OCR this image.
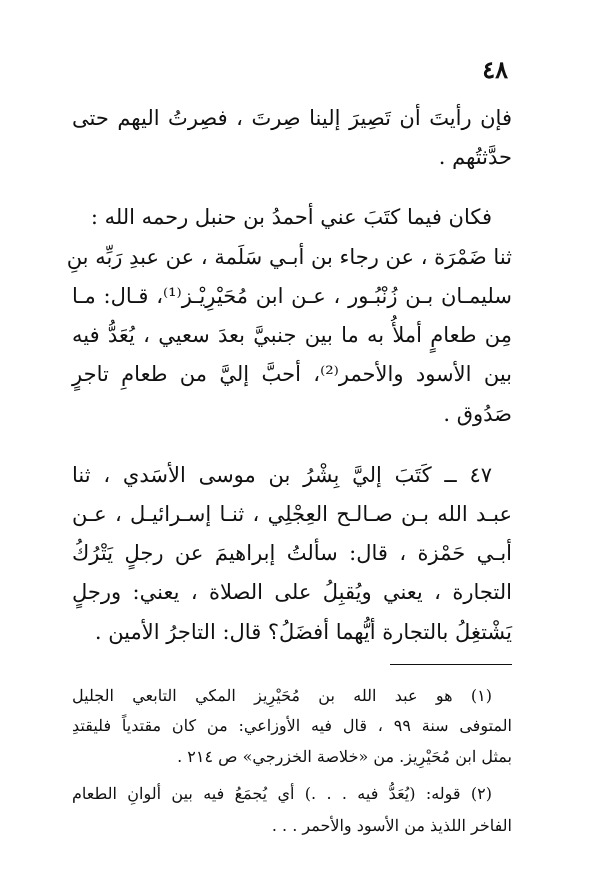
٤٨
فإن رأيتَ أن تَصِيرَ إلينا صِرتَ ، فصِرتُ اليهم حتى
حدَّثتُهم .
فكان فيما كتَبَ عني أحمدُ بن حنبل رحمه الله :
ثنا ضَمْرَة ، عن رجاء بن أبـي سَلَمة ، عن عبدِ رَبِّه بنِ
سليمـان بـن زُنْبُـور ، عـن ابن مُحَيْرِيْـز⁽¹⁾، قـال: مـا
مِن طعامٍ أملأُ به ما بين جنبيَّ بعدَ سعيي ، يُعَدُّ فيه
بين الأسود والأحمر⁽²⁾، أحبَّ إليَّ من طعامِ تاجرٍ
صَدُوق .
٤٧ ــ كَتَبَ إليَّ بِشْرُ بن موسى الأسَدي ، ثنا
عبـد الله بـن صـالـح العِجْلِي ، ثنـا إسـرائيـل ، عـن
أبـي حَمْزة ، قال: سألتُ إبراهيمَ عن رجلٍ يَتْرُكُ
التجارة ، يعني ويُقبِلُ على الصلاة ، يعني: ورجلٍ
يَشْتغِلُ بالتجارة أيُّهما أفضَلُ؟ قال: التاجرُ الأمين .
(١) هو عبد الله بن مُحَيْرِيز المكي التابعي الجليل
المتوفى سنة ٩٩ ، قال فيه الأوزاعي: من كان مقتدياً فليقتدِ
بمثل ابن مُحَيْرِيز. من «خلاصة الخزرجي» ص ٢١٤ .
(٢) قوله: (يُعَدُّ فيه . . .) أي يُجمَعُ فيه بين ألوانِ الطعام
الفاخر اللذيذ من الأسود والأحمر . . .
